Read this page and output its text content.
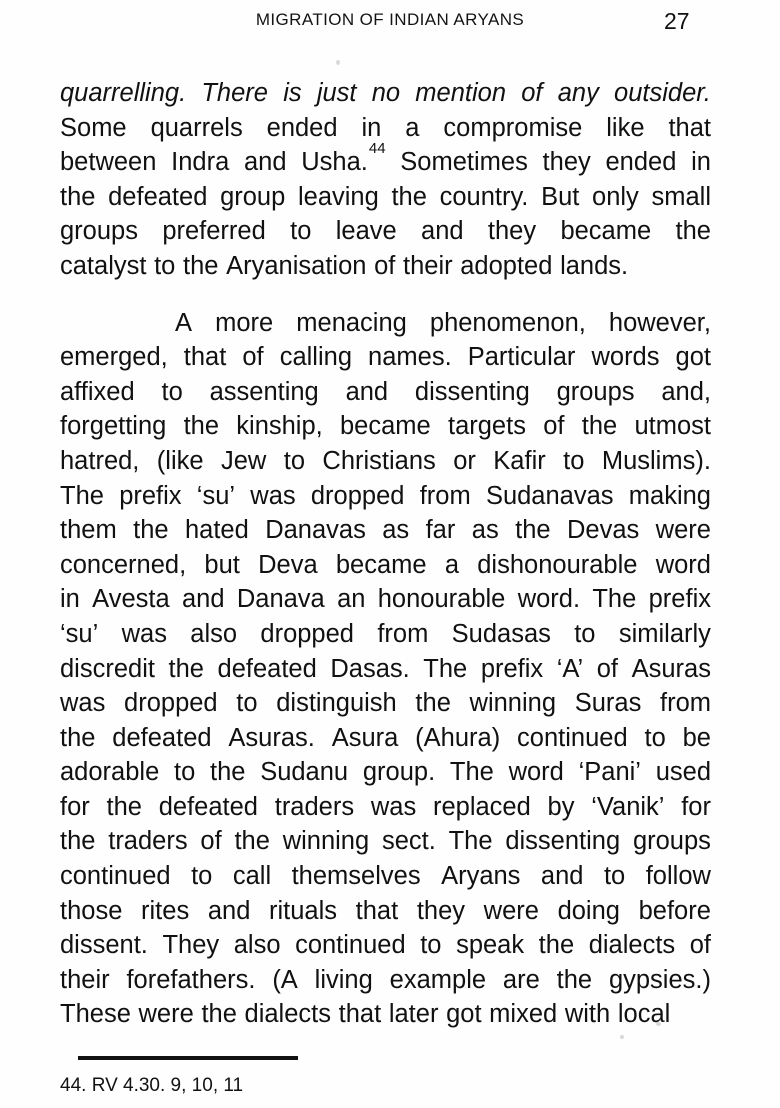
MIGRATION OF INDIAN ARYANS	27
quarrelling. There is just no mention of any outsider.
Some quarrels ended in a compromise like that
between Indra and Usha.$^{44}$ Sometimes they ended in
the defeated group leaving the country. But only small
groups preferred to leave and they became the
catalyst to the Aryanisation of their adopted lands.
A more menacing phenomenon, however,
emerged, that of calling names. Particular words got
affixed to assenting and dissenting groups and,
forgetting the kinship, became targets of the utmost
hatred, (like Jew to Christians or Kafir to Muslims).
The prefix ‘su’ was dropped from Sudanavas making
them the hated Danavas as far as the Devas were
concerned, but Deva became a dishonourable word
in Avesta and Danava an honourable word. The prefix
‘su’ was also dropped from Sudasas to similarly
discredit the defeated Dasas. The prefix ‘A’ of Asuras
was dropped to distinguish the winning Suras from
the defeated Asuras. Asura (Ahura) continued to be
adorable to the Sudanu group. The word ‘Pani’ used
for the defeated traders was replaced by ‘Vanik’ for
the traders of the winning sect. The dissenting groups
continued to call themselves Aryans and to follow
those rites and rituals that they were doing before
dissent. They also continued to speak the dialects of
their forefathers. (A living example are the gypsies.)
These were the dialects that later got mixed with local
44. RV 4.30. 9, 10, 11
